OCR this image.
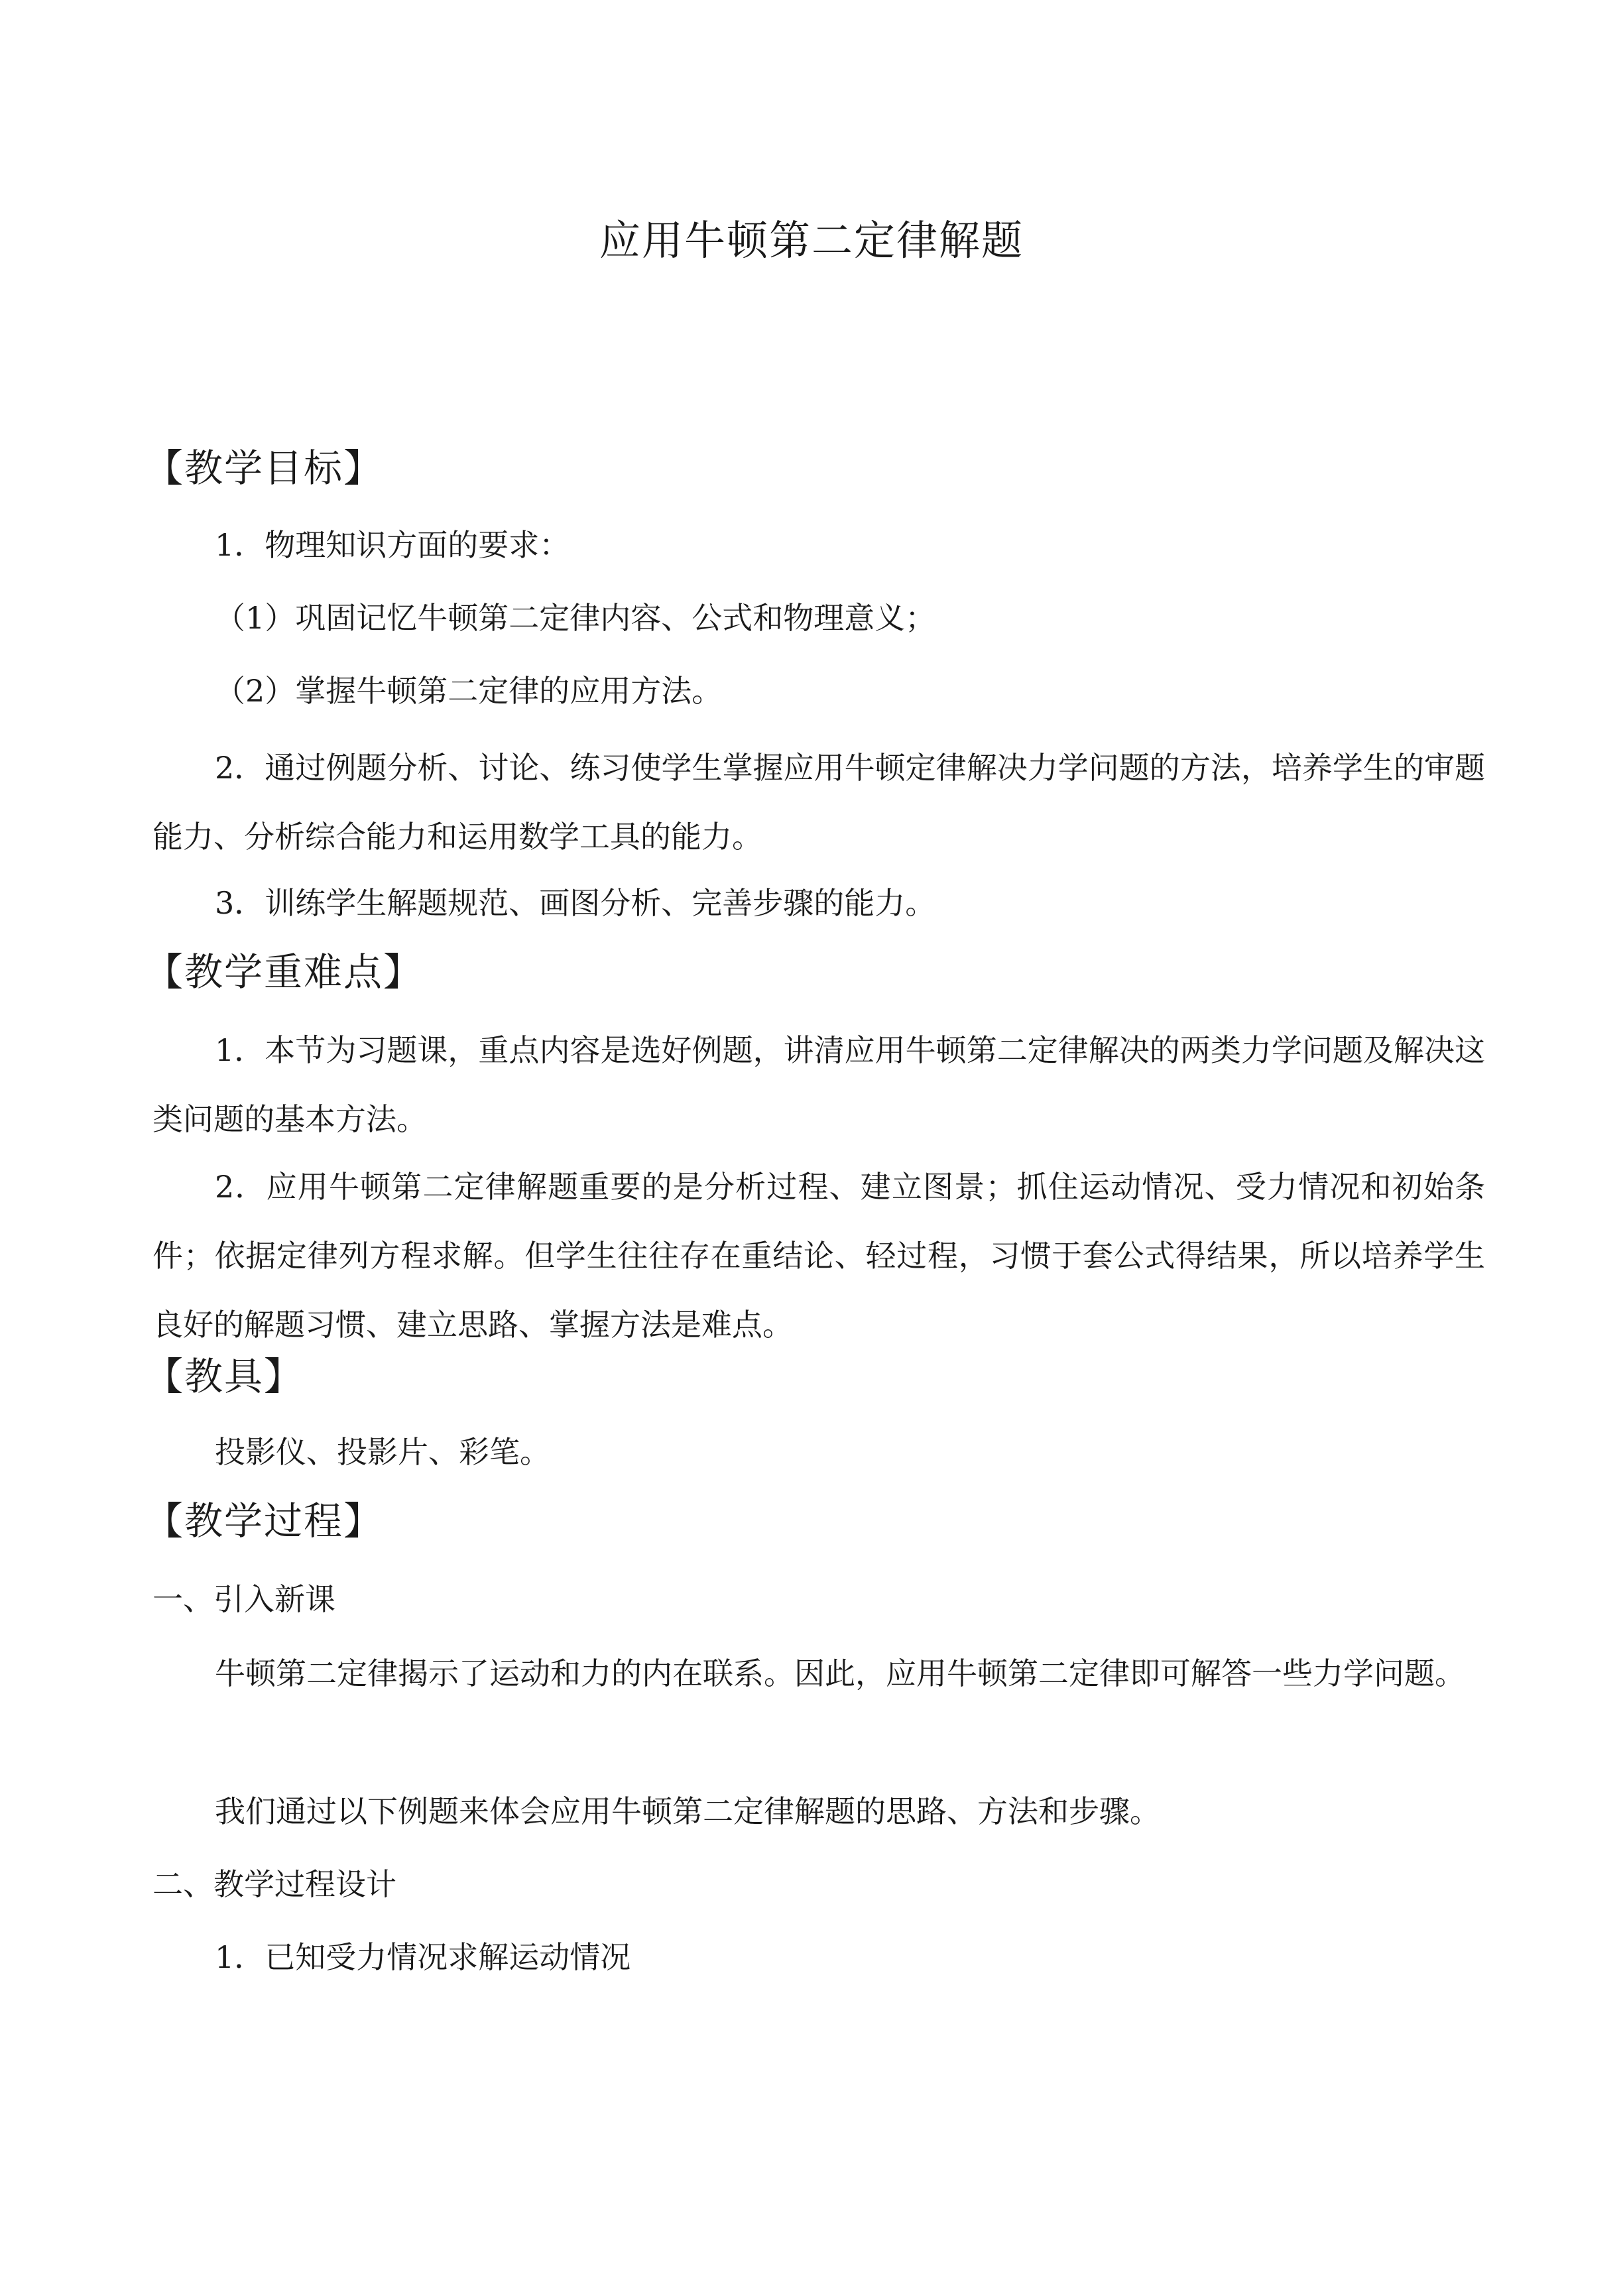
应用牛顿第二定律解题
【教学目标】
1．物理知识方面的要求：
（1）巩固记忆牛顿第二定律内容、公式和物理意义；
（2）掌握牛顿第二定律的应用方法。
2．通过例题分析、讨论、练习使学生掌握应用牛顿定律解决力学问题的方法，培养学生的审题能力、分析综合能力和运用数学工具的能力。
3．训练学生解题规范、画图分析、完善步骤的能力。
【教学重难点】
1．本节为习题课，重点内容是选好例题，讲清应用牛顿第二定律解决的两类力学问题及解决这类问题的基本方法。
2．应用牛顿第二定律解题重要的是分析过程、建立图景；抓住运动情况、受力情况和初始条件；依据定律列方程求解。但学生往往存在重结论、轻过程，习惯于套公式得结果，所以培养学生良好的解题习惯、建立思路、掌握方法是难点。
【教具】
投影仪、投影片、彩笔。
【教学过程】
一、引入新课
牛顿第二定律揭示了运动和力的内在联系。因此，应用牛顿第二定律即可解答一些力学问题。
我们通过以下例题来体会应用牛顿第二定律解题的思路、方法和步骤。
二、教学过程设计
1．已知受力情况求解运动情况
